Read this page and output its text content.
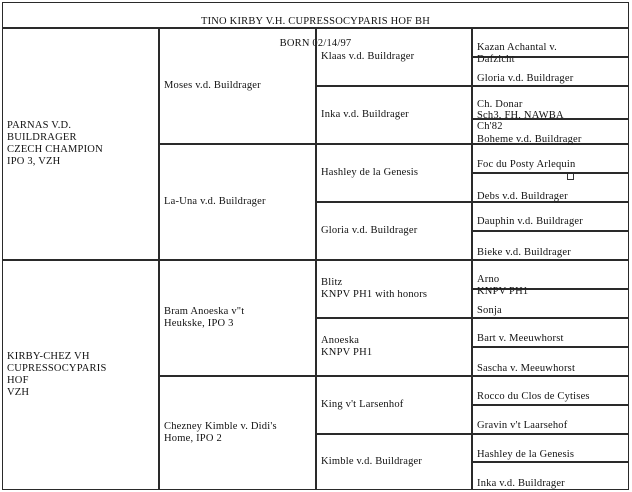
TINO KIRBY V.H. CUPRESSOCYPARIS HOF BH

BORN 02/14/97

PARNAS V.D.
BUILDRAGER
CZECH CHAMPION
IPO 3, VZH
KIRBY-CHEZ VH
CUPRESSOCYPARIS
HOF
VZH
Moses v.d. Buildrager
La-Una v.d. Buildrager
Bram Anoeska v"t
Heukske, IPO 3
Chezney Kimble v. Didi's
Home, IPO 2
Klaas v.d. Buildrager
Inka v.d. Buildrager
Hashley de la Genesis
Gloria v.d. Buildrager
Blitz
KNPV PH1 with honors
Anoeska
KNPV PH1
King v't Larsenhof
Kimble v.d. Buildrager

Kazan Achantal v.
Dafzicht

Gloria v.d. Buildrager

Ch. Donar
Sch3, FH, NAWBA
Ch'82

Boheme v.d. Buildrager

Foc du Posty Arlequin

Debs v.d. Buildrager

Dauphin v.d. Buildrager

Bieke v.d. Buildrager

Arno
KNPV PH1

Sonja

Bart v. Meeuwhorst

Sascha v. Meeuwhorst

Rocco du Clos de Cytises

Gravin v't Laarsehof

Hashley de la Genesis

Inka v.d. Buildrager
